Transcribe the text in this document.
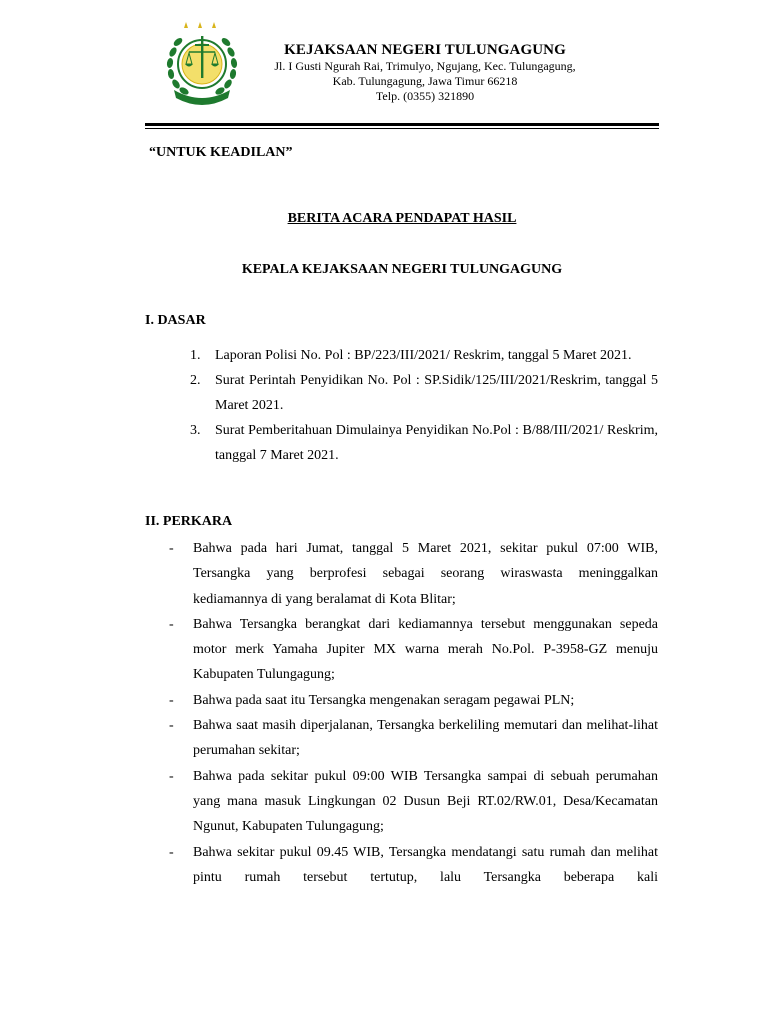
KEJAKSAAN NEGERI TULUNGAGUNG
Jl. I Gusti Ngurah Rai, Trimulyo, Ngujang, Kec. Tulungagung,
Kab. Tulungagung, Jawa Timur 66218
Telp. (0355) 321890
“UNTUK KEADILAN”
BERITA ACARA PENDAPAT HASIL
KEPALA KEJAKSAAN NEGERI TULUNGAGUNG
I. DASAR
1. Laporan Polisi No. Pol : BP/223/III/2021/ Reskrim, tanggal 5 Maret 2021.
2. Surat Perintah Penyidikan No. Pol : SP.Sidik/125/III/2021/Reskrim, tanggal 5 Maret 2021.
3. Surat Pemberitahuan Dimulainya Penyidikan No.Pol : B/88/III/2021/ Reskrim, tanggal 7 Maret 2021.
II. PERKARA
- Bahwa pada hari Jumat, tanggal 5 Maret 2021, sekitar pukul 07:00 WIB, Tersangka yang berprofesi sebagai seorang wiraswasta meninggalkan kediamannya di yang beralamat di Kota Blitar;
- Bahwa Tersangka berangkat dari kediamannya tersebut menggunakan sepeda motor merk Yamaha Jupiter MX warna merah No.Pol. P-3958-GZ menuju Kabupaten Tulungagung;
- Bahwa pada saat itu Tersangka mengenakan seragam pegawai PLN;
- Bahwa saat masih diperjalanan, Tersangka berkeliling memutari dan melihat-lihat perumahan sekitar;
- Bahwa pada sekitar pukul 09:00 WIB Tersangka sampai di sebuah perumahan yang mana masuk Lingkungan 02 Dusun Beji RT.02/RW.01, Desa/Kecamatan Ngunut, Kabupaten Tulungagung;
- Bahwa sekitar pukul 09.45 WIB, Tersangka mendatangi satu rumah dan melihat pintu rumah tersebut tertutup, lalu Tersangka beberapa kali
